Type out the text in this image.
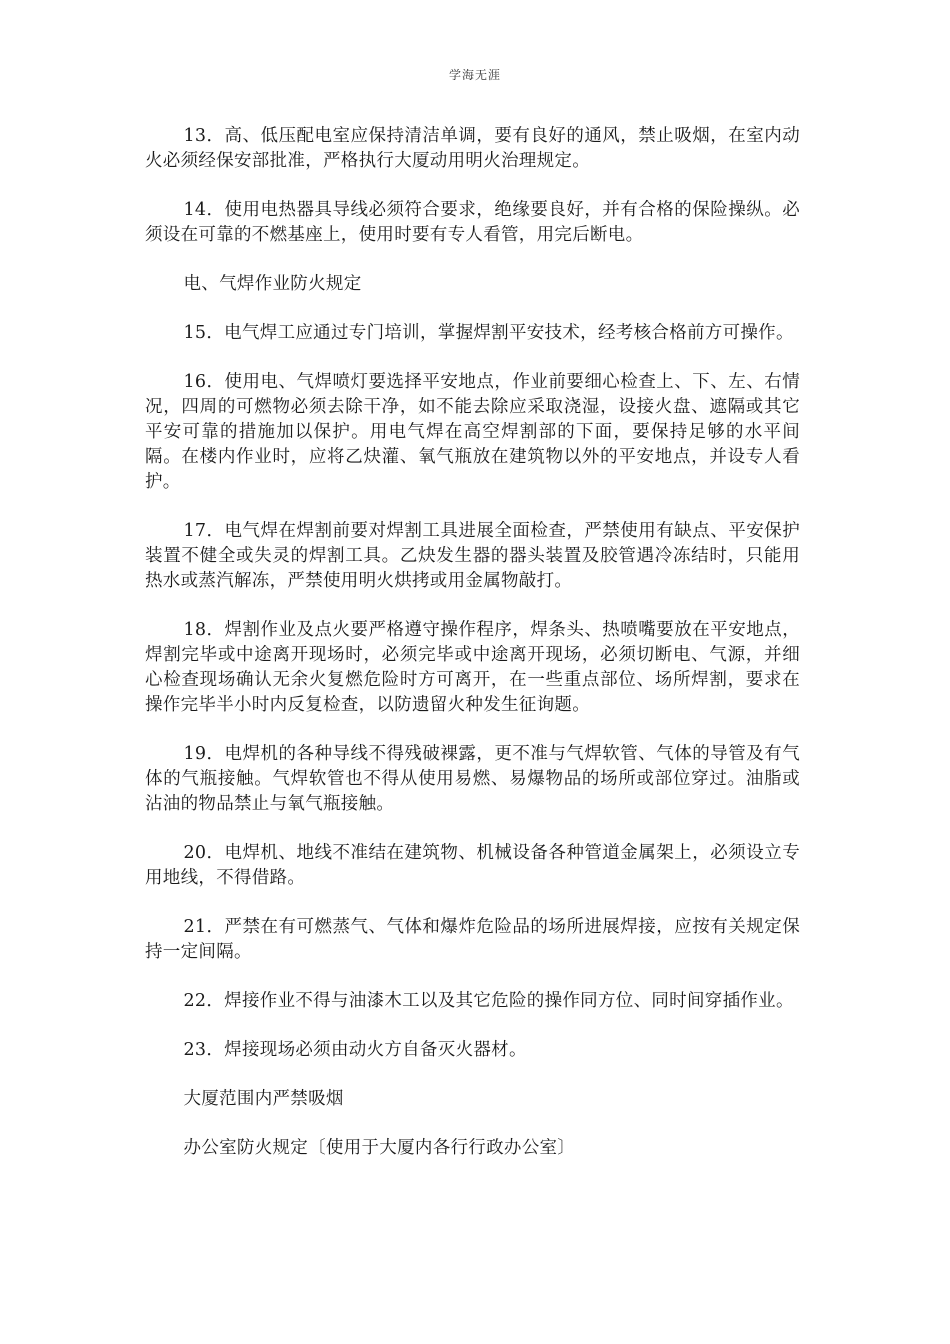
学海无涯

13．高、低压配电室应保持清洁单调，要有良好的通风，禁止吸烟，在室内动火必须经保安部批准，严格执行大厦动用明火治理规定。

14．使用电热器具导线必须符合要求，绝缘要良好，并有合格的保险操纵。必须设在可靠的不燃基座上，使用时要有专人看管，用完后断电。

电、气焊作业防火规定

15．电气焊工应通过专门培训，掌握焊割平安技术，经考核合格前方可操作。

16．使用电、气焊喷灯要选择平安地点，作业前要细心检查上、下、左、右情况，四周的可燃物必须去除干净，如不能去除应采取浇湿，设接火盘、遮隔或其它平安可靠的措施加以保护。用电气焊在高空焊割部的下面，要保持足够的水平间隔。在楼内作业时，应将乙炔灌、氧气瓶放在建筑物以外的平安地点，并设专人看护。

17．电气焊在焊割前要对焊割工具进展全面检查，严禁使用有缺点、平安保护装置不健全或失灵的焊割工具。乙炔发生器的器头装置及胶管遇冷冻结时，只能用热水或蒸汽解冻，严禁使用明火烘拷或用金属物敲打。

18．焊割作业及点火要严格遵守操作程序，焊条头、热喷嘴要放在平安地点，焊割完毕或中途离开现场时，必须完毕或中途离开现场，必须切断电、气源，并细心检查现场确认无余火复燃危险时方可离开，在一些重点部位、场所焊割，要求在操作完毕半小时内反复检查，以防遗留火种发生征询题。

19．电焊机的各种导线不得残破裸露，更不准与气焊软管、气体的导管及有气体的气瓶接触。气焊软管也不得从使用易燃、易爆物品的场所或部位穿过。油脂或沾油的物品禁止与氧气瓶接触。

20．电焊机、地线不准结在建筑物、机械设备各种管道金属架上，必须设立专用地线，不得借路。

21．严禁在有可燃蒸气、气体和爆炸危险品的场所进展焊接，应按有关规定保持一定间隔。

22．焊接作业不得与油漆木工以及其它危险的操作同方位、同时间穿插作业。

23．焊接现场必须由动火方自备灭火器材。

大厦范围内严禁吸烟

办公室防火规定〔使用于大厦内各行行政办公室〕
